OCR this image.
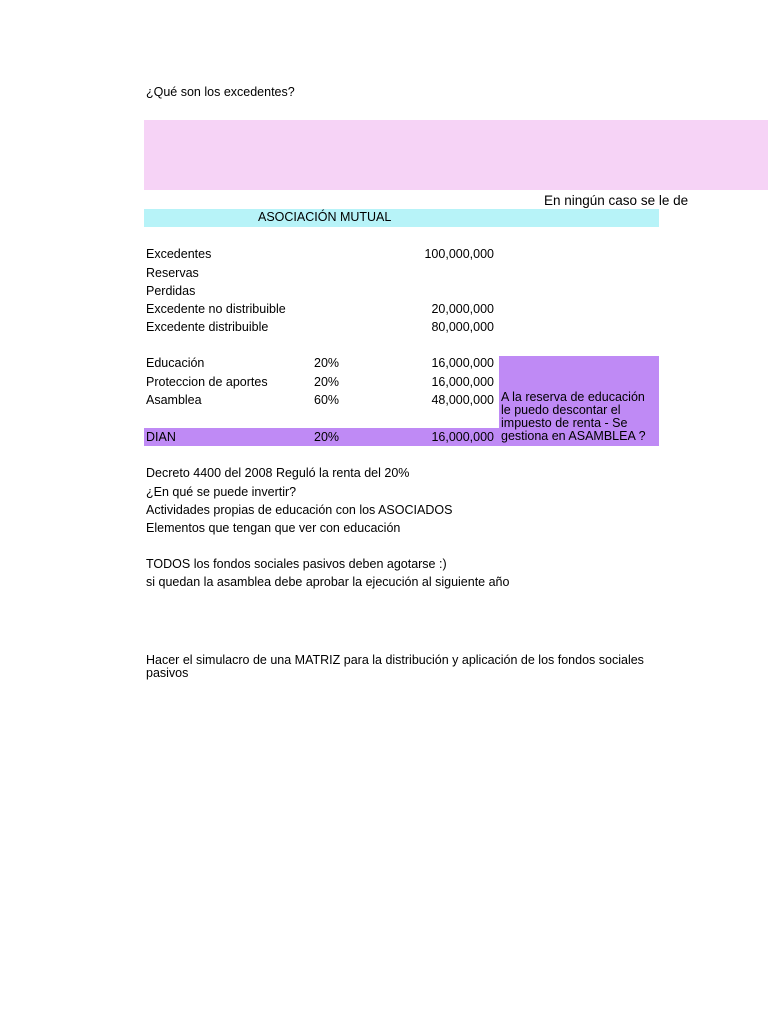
¿Qué son los excedentes?
En ningún caso se le de
ASOCIACIÓN MUTUAL
Excedentes	100,000,000
Reservas
Perdidas
Excedente no distribuible	20,000,000
Excedente distribuible	80,000,000
Educación	20%	16,000,000
Proteccion de aportes	20%	16,000,000
Asamblea	60%	48,000,000
DIAN	20%	16,000,000
A la reserva de educación le puedo descontar el impuesto de renta - Se gestiona en ASAMBLEA ?
Decreto 4400 del 2008 Reguló la renta del 20%
¿En qué se puede invertir?
Actividades propias de educación con los ASOCIADOS
Elementos que tengan que ver con educación
TODOS los fondos sociales pasivos deben agotarse :)
si quedan la asamblea debe aprobar la ejecución al siguiente año
Hacer el simulacro de una MATRIZ para la distribución y aplicación de los fondos sociales pasivos
